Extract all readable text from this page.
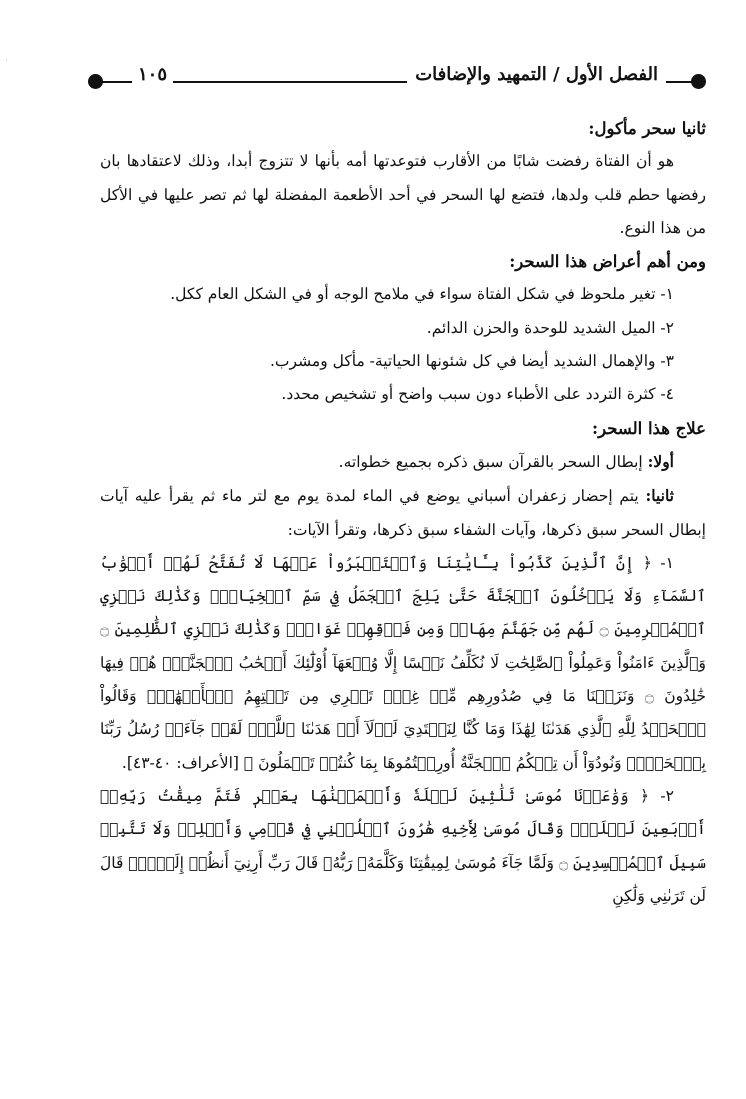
الفصل الأول / التمهيد والإضافات
١٠٥

ثانيا سحر مأكول:

هو أن الفتاة رفضت شابًا من الأقارب فتوعدتها أمه بأنها لا تتزوج أبدا، وذلك لاعتقادها بان رفضها حطم قلب ولدها، فتضع لها السحر في أحد الأطعمة المفضلة لها ثم تصر عليها في الأكل من هذا النوع.

ومن أهم أعراض هذا السحر:

١- تغير ملحوظ في شكل الفتاة سواء في ملامح الوجه أو في الشكل العام ككل.

٢- الميل الشديد للوحدة والحزن الدائم.

٣- والإهمال الشديد أيضا في كل شئونها الحياتية- مأكل ومشرب.

٤- كثرة التردد على الأطباء دون سبب واضح أو تشخيص محدد.

علاج هذا السحر:

أولا: إبطال السحر بالقرآن سبق ذكره بجميع خطواته.

ثانيا: يتم إحضار زعفران أسباني يوضع في الماء لمدة يوم مع لتر ماء ثم يقرأ عليه آيات إبطال السحر سبق ذكرها، وآيات الشفاء سبق ذكرها، وتقرأ الآيات:

١- ﴿ إِنَّ ٱلَّذِينَ كَذَّبُواْ بِـَٔايَٰتِنَا وَٱسۡتَكۡبَرُواْ عَنۡهَا لَا تُفَتَّحُ لَهُمۡ أَبۡوَٰبُ ٱلسَّمَآءِ وَلَا يَدۡخُلُونَ ٱلۡجَنَّةَ حَتَّىٰ يَلِجَ ٱلۡجَمَلُ فِي سَمِّ ٱلۡخِيَاطِۚ وَكَذَٰلِكَ نَجۡزِي ٱلۡمُجۡرِمِينَ ۝ لَهُم مِّن جَهَنَّمَ مِهَادٞ وَمِن فَوۡقِهِمۡ غَوَاشٖۚ وَكَذَٰلِكَ نَجۡزِي ٱلظَّٰلِمِينَ ۝ وَٱلَّذِينَ ءَامَنُواْ وَعَمِلُواْ ٱلصَّٰلِحَٰتِ لَا نُكَلِّفُ نَفۡسًا إِلَّا وُسۡعَهَآ أُوْلَٰٓئِكَ أَصۡحَٰبُ ٱلۡجَنَّةِۖ هُمۡ فِيهَا خَٰلِدُونَ ۝ وَنَزَعۡنَا مَا فِي صُدُورِهِم مِّنۡ غِلّٖ تَجۡرِي مِن تَحۡتِهِمُ ٱلۡأَنۡهَٰرُۖ وَقَالُواْ ٱلۡحَمۡدُ لِلَّهِ ٱلَّذِي هَدَىٰنَا لِهَٰذَا وَمَا كُنَّا لِنَهۡتَدِيَ لَوۡلَآ أَنۡ هَدَىٰنَا ٱللَّهُۖ لَقَدۡ جَآءَتۡ رُسُلُ رَبِّنَا بِٱلۡحَقِّۖ وَنُودُوٓاْ أَن تِلۡكُمُ ٱلۡجَنَّةُ أُورِثۡتُمُوهَا بِمَا كُنتُمۡ تَعۡمَلُونَ ﴾ [الأعراف: ٤٠-٤٣].

٢- ﴿ وَوَٰعَدۡنَا مُوسَىٰ ثَلَٰثِينَ لَيۡلَةٗ وَأَتۡمَمۡنَٰهَا بِعَشۡرٖ فَتَمَّ مِيقَٰتُ رَبِّهِۦٓ أَرۡبَعِينَ لَيۡلَةٗۚ وَقَالَ مُوسَىٰ لِأَخِيهِ هَٰرُونَ ٱخۡلُفۡنِي فِي قَوۡمِي وَأَصۡلِحۡ وَلَا تَتَّبِعۡ سَبِيلَ ٱلۡمُفۡسِدِينَ ۝ وَلَمَّا جَآءَ مُوسَىٰ لِمِيقَٰتِنَا وَكَلَّمَهُۥ رَبُّهُۥ قَالَ رَبِّ أَرِنِيٓ أَنظُرۡ إِلَيۡكَۚ قَالَ لَن تَرَىٰنِي وَلَٰكِنِ
